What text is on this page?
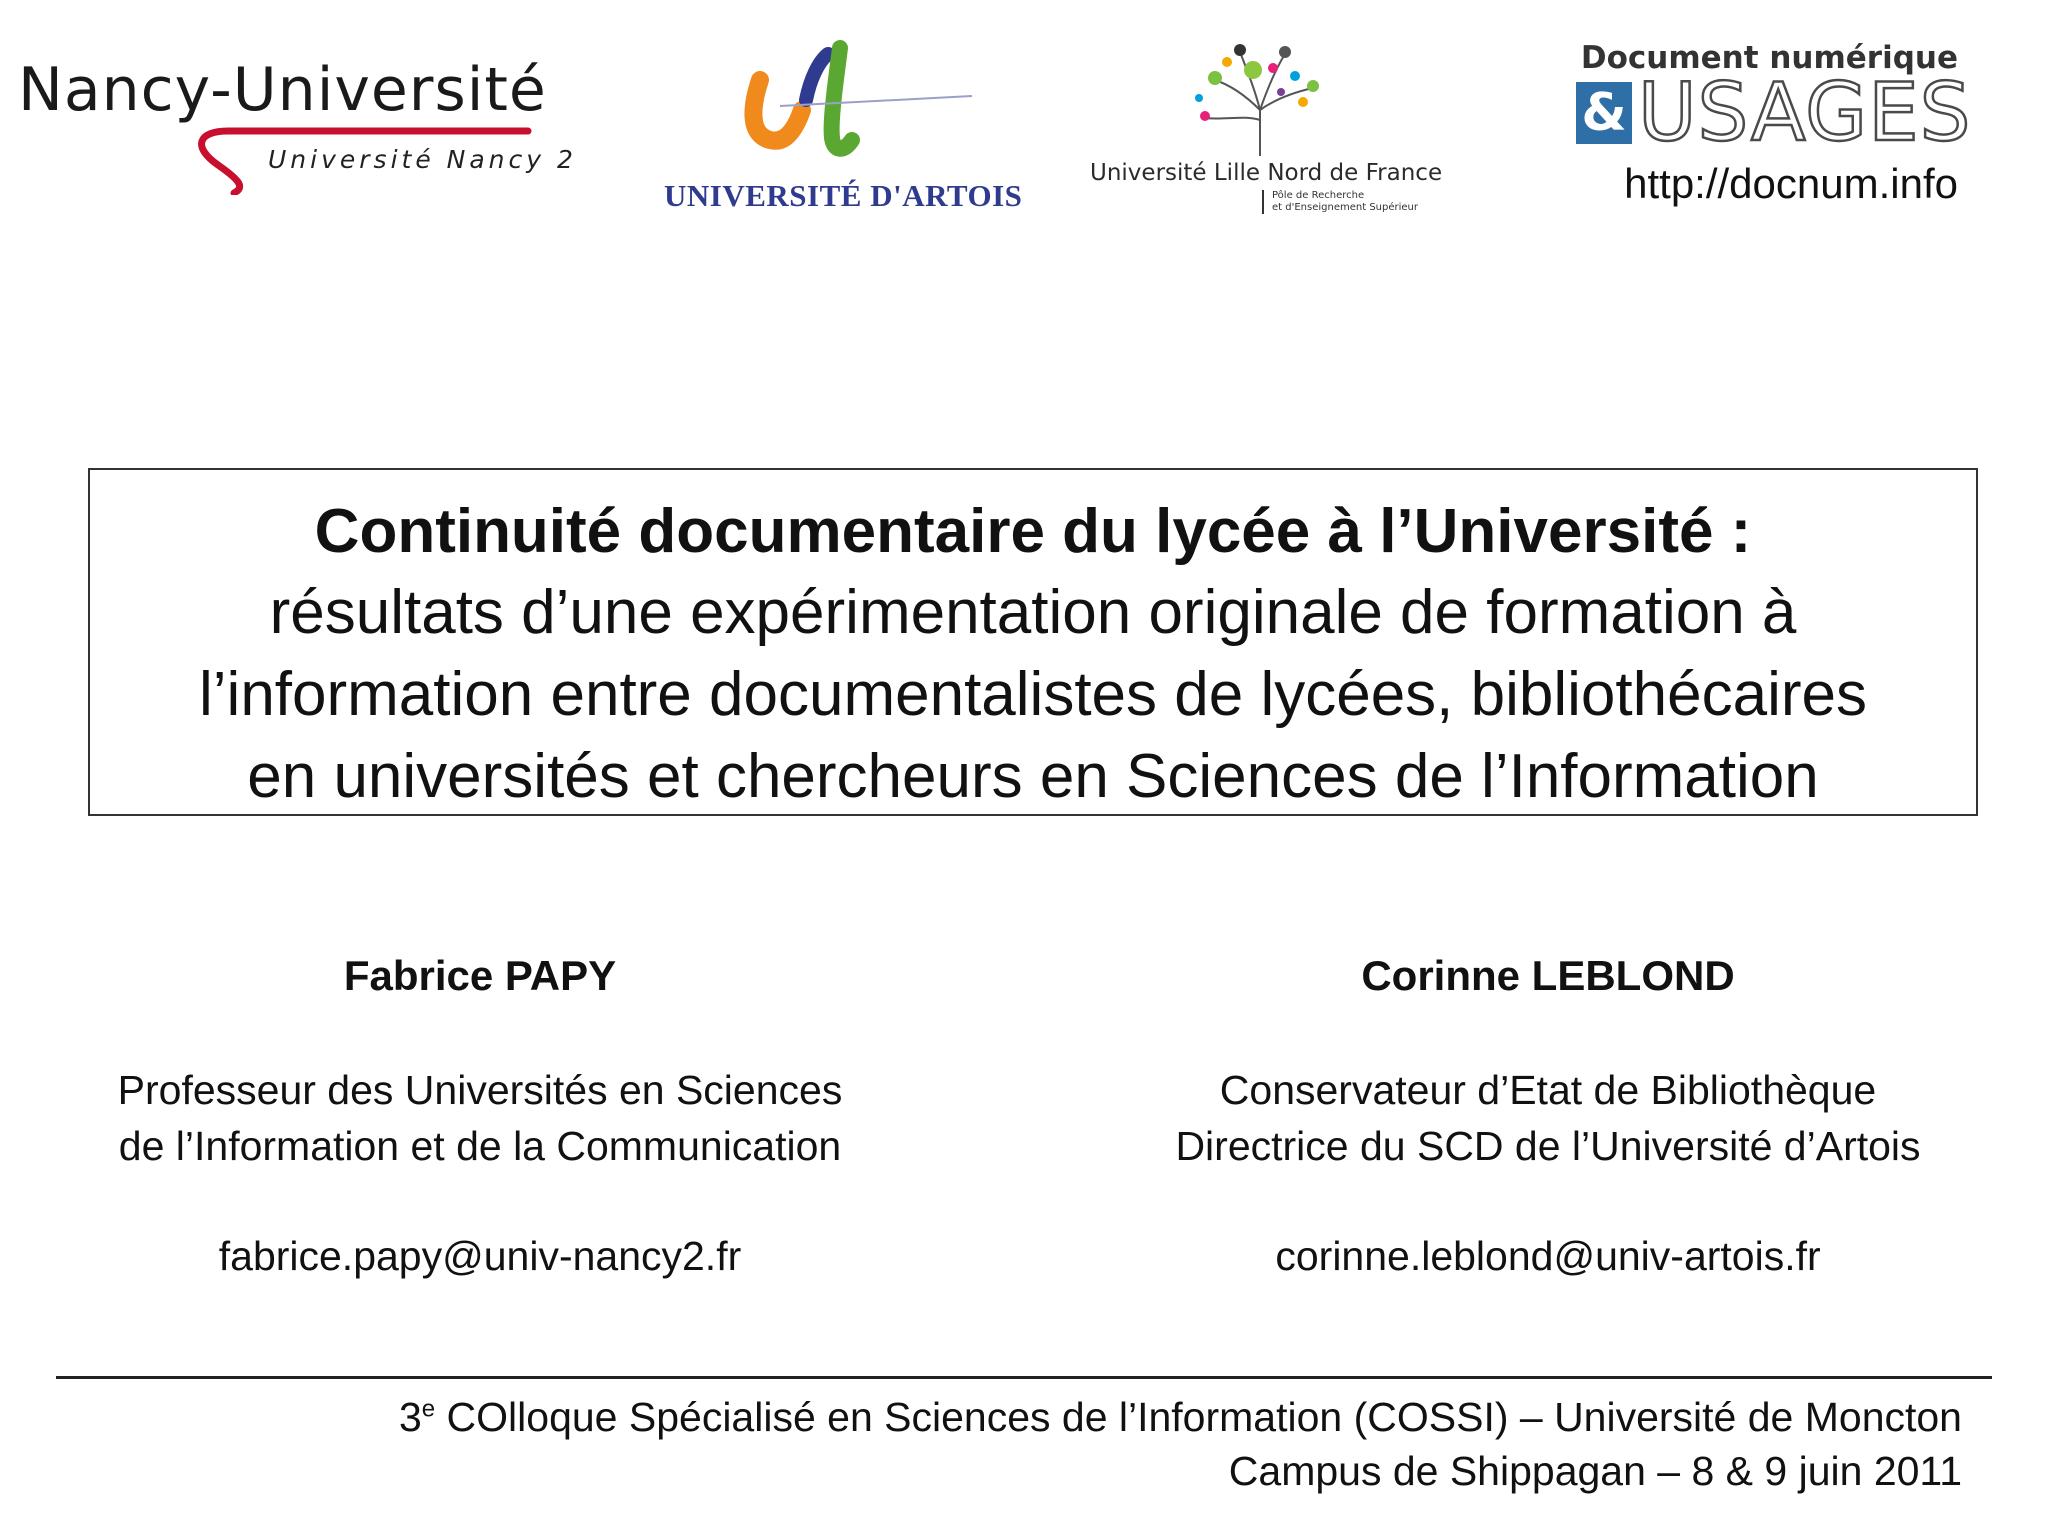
Nancy-Université
Université Nancy 2
UNIVERSITÉ D'ARTOIS
Université Lille Nord de France
Pôle de Recherche
et d'Enseignement Supérieur
Document numérique
& USAGES
http://docnum.info
Continuité documentaire du lycée à l’Université :
résultats d’une expérimentation originale de formation à
l’information entre documentalistes de lycées, bibliothécaires
en universités et chercheurs en Sciences de l’Information
Fabrice PAPY
Professeur des Universités en Sciences
de l’Information et de la Communication
fabrice.papy@univ-nancy2.fr
Corinne LEBLOND
Conservateur d’Etat de Bibliothèque
Directrice du SCD de l’Université d’Artois
corinne.leblond@univ-artois.fr
3e COlloque Spécialisé en Sciences de l’Information (COSSI) – Université de Moncton
Campus de Shippagan – 8 & 9 juin 2011
